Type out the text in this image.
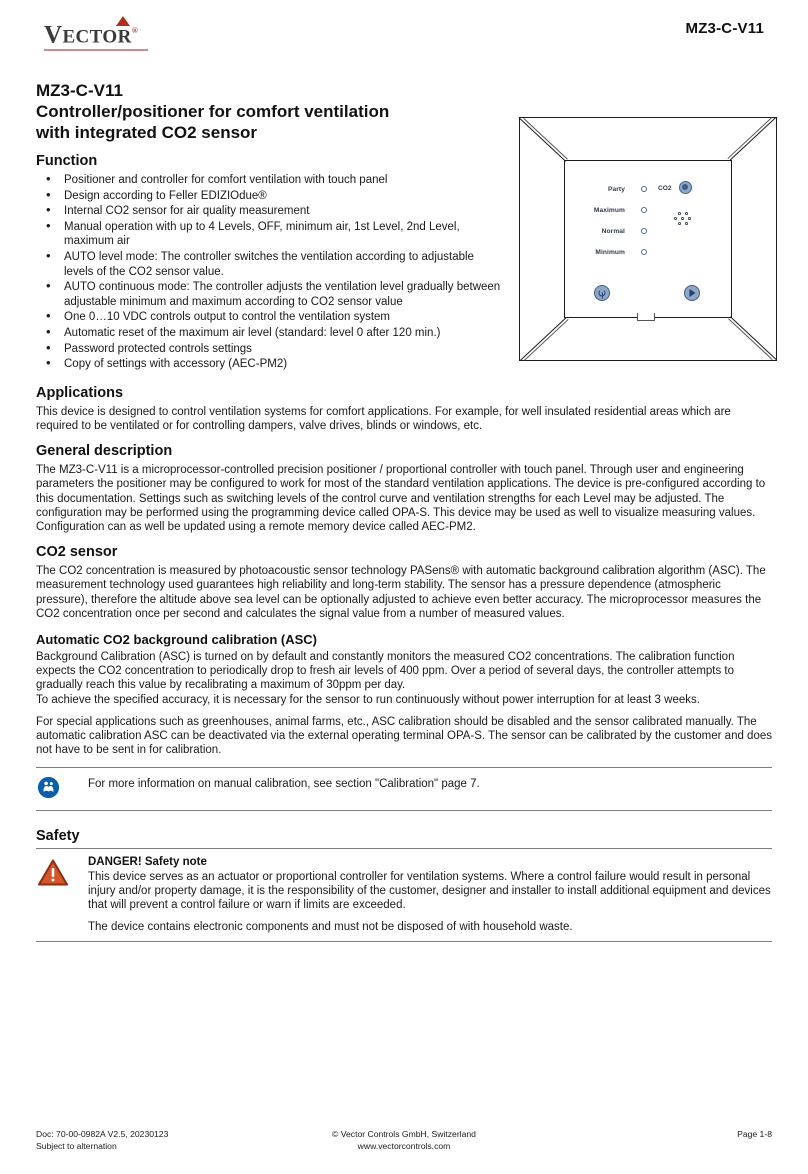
VECTOR®	MZ3-C-V11
Party
Maximum
Normal
Minimum
CO2
MZ3-C-V11
Controller/positioner for comfort ventilation
with integrated CO2 sensor
Function
• Positioner and controller for comfort ventilation with touch panel
• Design according to Feller EDIZIOdue®
• Internal CO2 sensor for air quality measurement
• Manual operation with up to 4 Levels, OFF, minimum air, 1st Level, 2nd Level, maximum air
• AUTO level mode: The controller switches the ventilation according to adjustable levels of the CO2 sensor value.
• AUTO continuous mode: The controller adjusts the ventilation level gradually between adjustable minimum and maximum according to CO2 sensor value
• One 0…10 VDC controls output to control the ventilation system
• Automatic reset of the maximum air level (standard: level 0 after 120 min.)
• Password protected controls settings
• Copy of settings with accessory (AEC-PM2)
Applications

This device is designed to control ventilation systems for comfort applications. For example, for well insulated residential areas which are required to be ventilated or for controlling dampers, valve drives, blinds or windows, etc.

General description

The MZ3-C-V11 is a microprocessor-controlled precision positioner / proportional controller with touch panel. Through user and engineering parameters the positioner may be configured to work for most of the standard ventilation applications. The device is pre-configured according to this documentation. Settings such as switching levels of the control curve and ventilation strengths for each Level may be adjusted. The configuration may be performed using the programming device called OPA-S. This device may be used as well to visualize measuring values. Configuration can as well be updated using a remote memory device called AEC-PM2.

CO2 sensor

The CO2 concentration is measured by photoacoustic sensor technology PASens® with automatic background calibration algorithm (ASC). The measurement technology used guarantees high reliability and long-term stability. The sensor has a pressure dependence (atmospheric pressure), therefore the altitude above sea level can be optionally adjusted to achieve even better accuracy. The microprocessor measures the CO2 concentration once per second and calculates the signal value from a number of measured values.

Automatic CO2 background calibration (ASC)

Background Calibration (ASC) is turned on by default and constantly monitors the measured CO2 concentrations. The calibration function expects the CO2 concentration to periodically drop to fresh air levels of 400 ppm. Over a period of several days, the controller attempts to gradually reach this value by recalibrating a maximum of 30ppm per day.

To achieve the specified accuracy, it is necessary for the sensor to run continuously without power interruption for at least 3 weeks.

For special applications such as greenhouses, animal farms, etc., ASC calibration should be disabled and the sensor calibrated manually. The automatic calibration ASC can be deactivated via the external operating terminal OPA-S. The sensor can be calibrated by the customer and does not have to be sent in for calibration.

For more information on manual calibration, see section "Calibration" page 7.
Safety
DANGER! Safety note

This device serves as an actuator or proportional controller for ventilation systems. Where a control failure would result in personal injury and/or property damage, it is the responsibility of the customer, designer and installer to install additional equipment and devices that will prevent a control failure or warn if limits are exceeded.

The device contains electronic components and must not be disposed of with household waste.

Doc: 70-00-0982A V2.5, 20230123
Subject to alternation
© Vector Controls GmbH, Switzerland
www.vectorcontrols.com
Page 1-8
